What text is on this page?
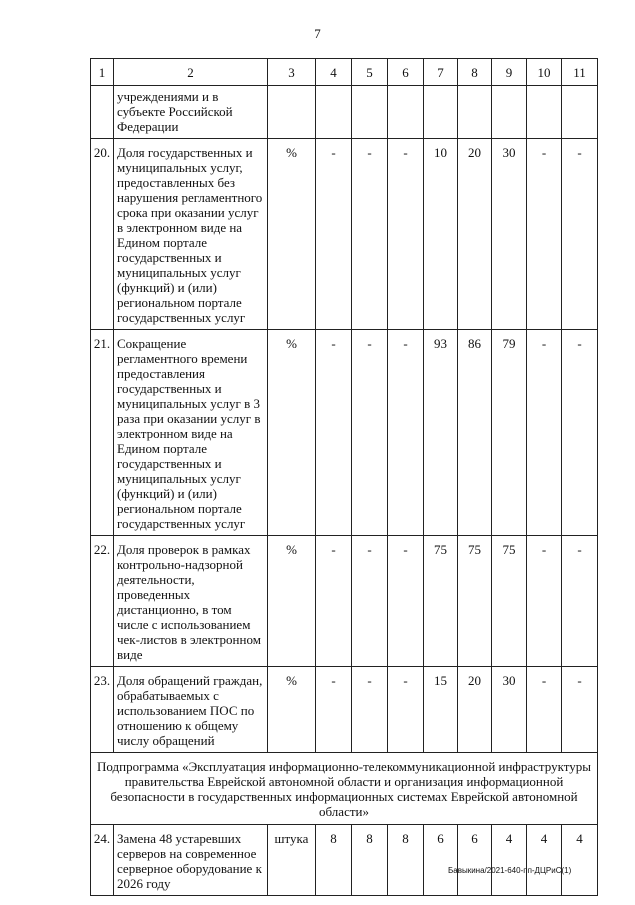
7
1	2	3	4	5	6	7	8	9	10	11
	учреждениями и в субъекте Российской Федерации									
20.	Доля государственных и муниципальных услуг, предоставленных без нарушения регламентного срока при оказании услуг в электронном виде на Едином портале государственных и муниципальных услуг (функций) и (или) региональном портале государственных услуг	%	-	-	-	10	20	30	-	-
21.	Сокращение регламентного времени предоставления государственных и муниципальных услуг в 3 раза при оказании услуг в электронном виде на Едином портале государственных и муниципальных услуг (функций) и (или) региональном портале государственных услуг	%	-	-	-	93	86	79	-	-
22.	Доля проверок в рамках контрольно-надзорной деятельности, проведенных дистанционно, в том числе с использованием чек-листов в электронном виде	%	-	-	-	75	75	75	-	-
23.	Доля обращений граждан, обрабатываемых с использованием ПОС по отношению к общему числу обращений	%	-	-	-	15	20	30	-	-
Подпрограмма «Эксплуатация информационно-телекоммуникационной инфраструктуры правительства Еврейской автономной области и организация информационной безопасности в государственных информационных системах Еврейской автономной области»										
24.	Замена 48 устаревших серверов на современное серверное оборудование к 2026 году	штука	8	8	8	6	6	4	4	4
Бавыкина/2021-640-пп-ДЦРиС(1)
